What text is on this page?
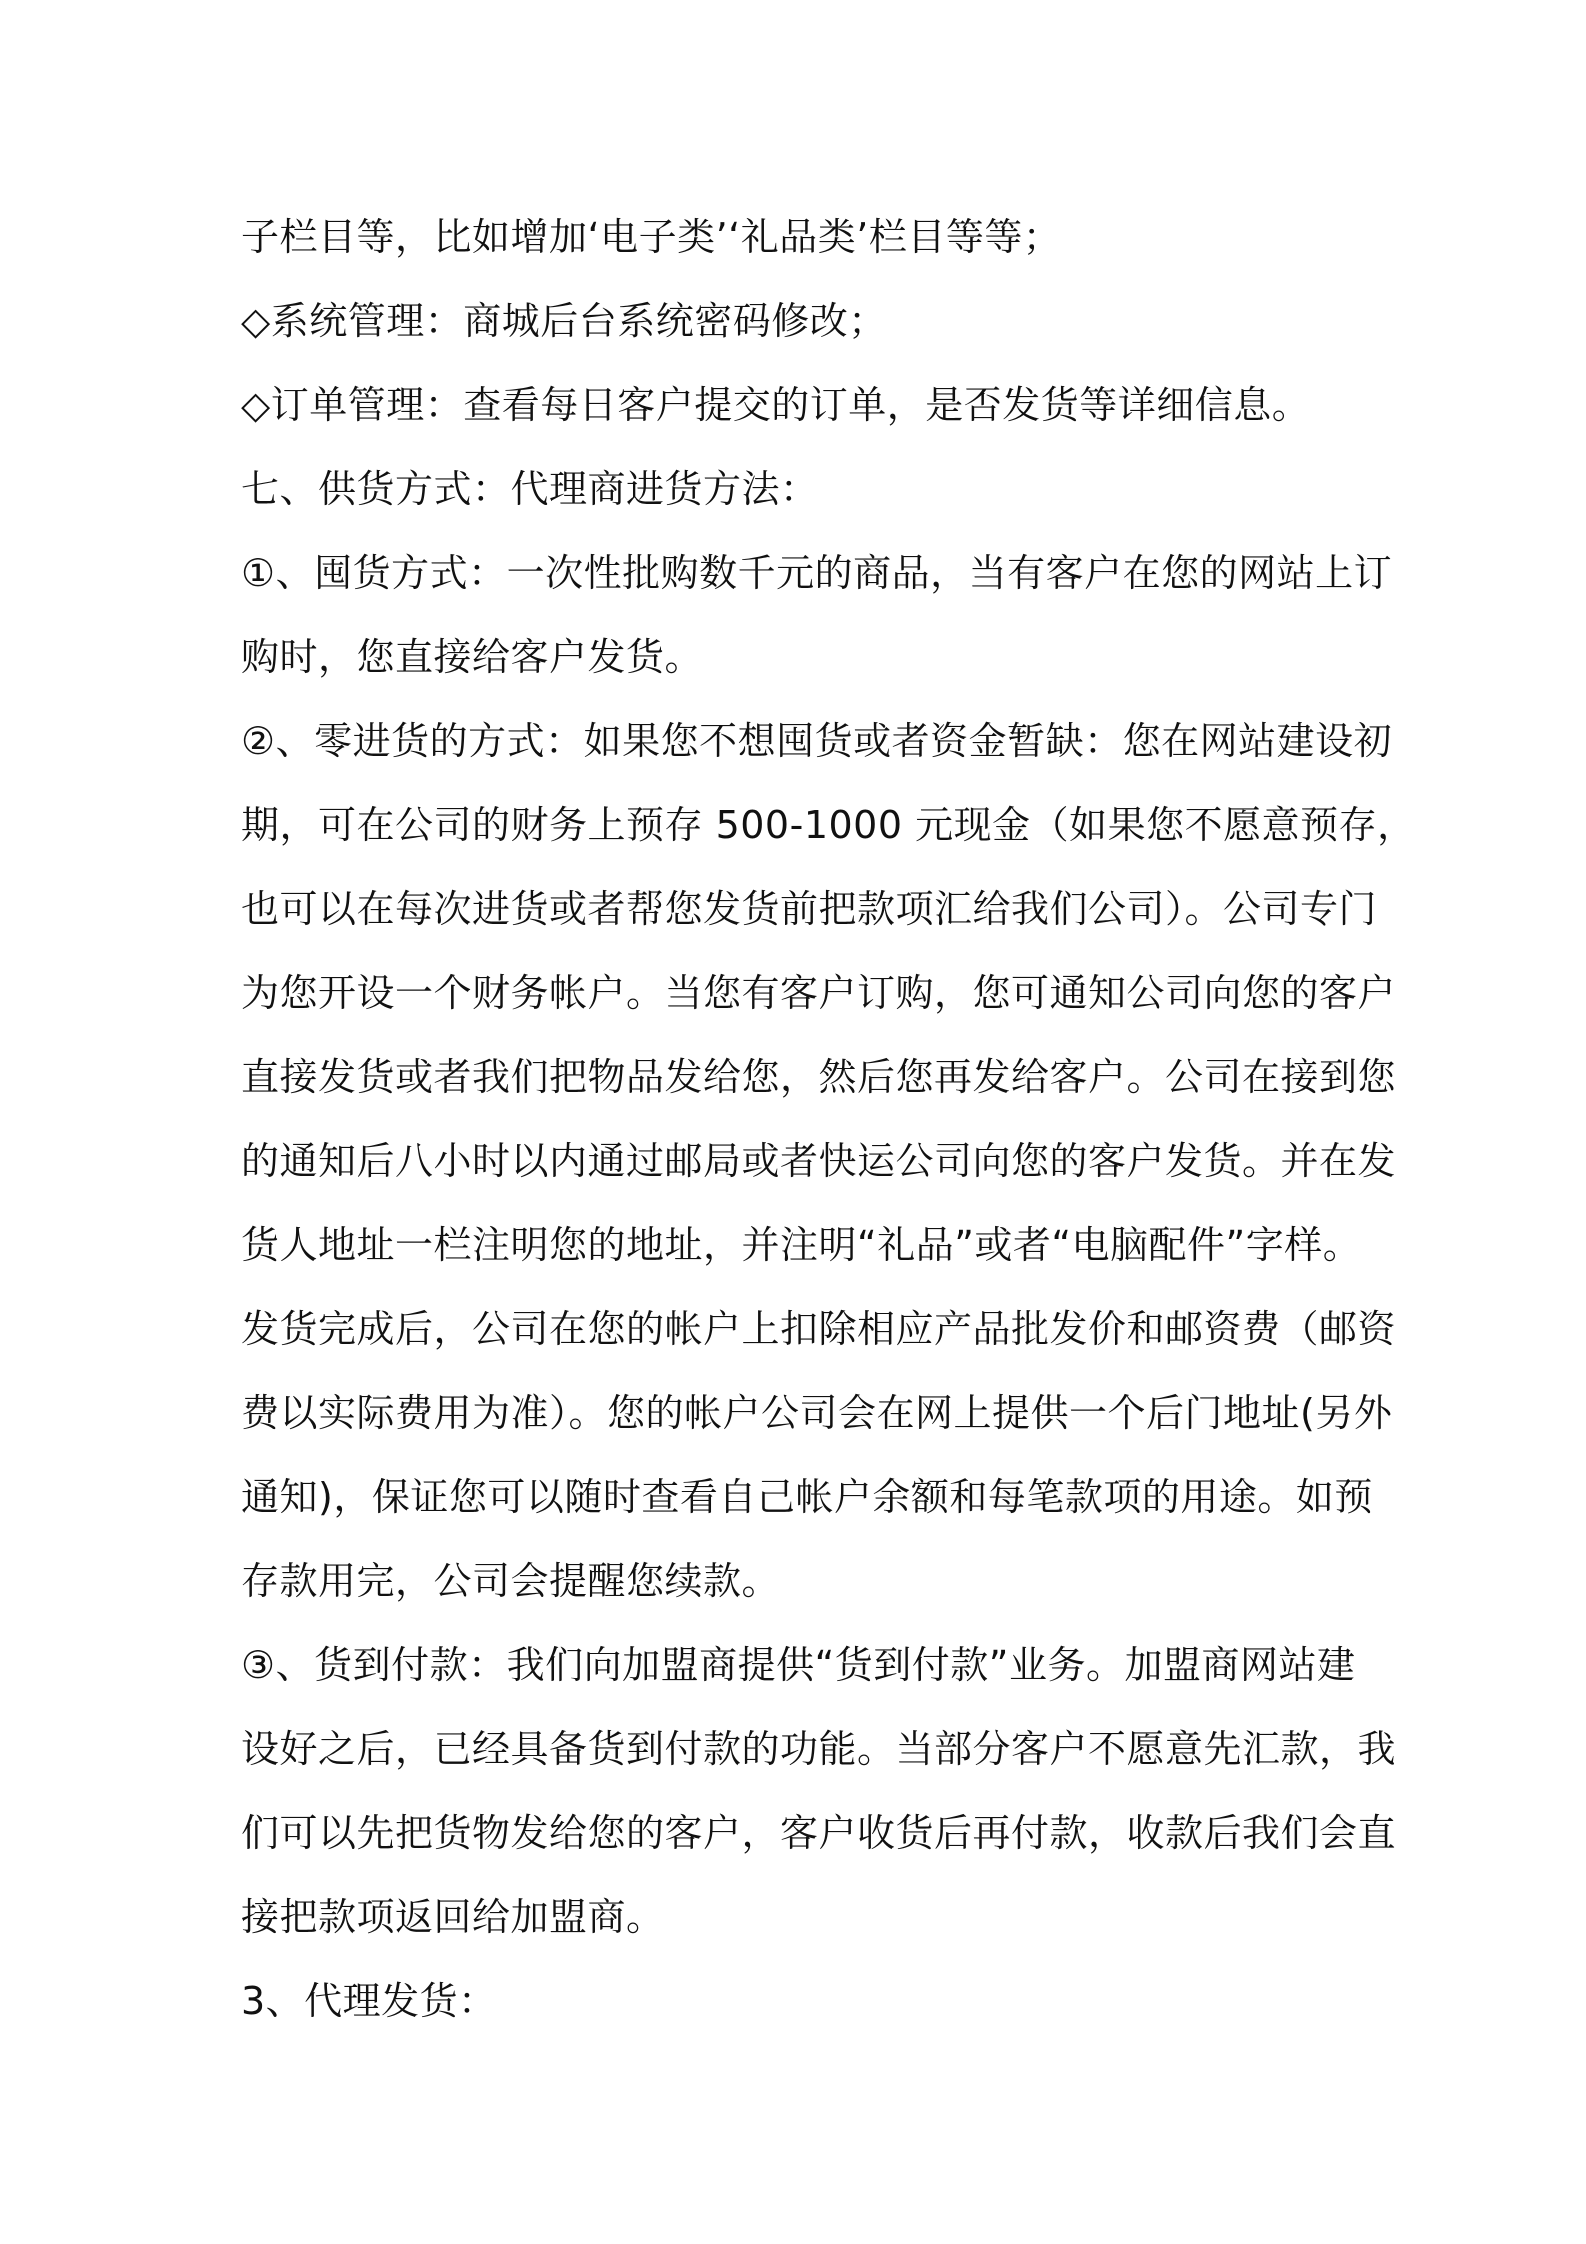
子栏目等，比如增加‘电子类’‘礼品类’栏目等等；
◇系统管理：商城后台系统密码修改；
◇订单管理：查看每日客户提交的订单，是否发货等详细信息。
七、供货方式：代理商进货方法：
①、囤货方式：一次性批购数千元的商品，当有客户在您的网站上订
购时，您直接给客户发货。
②、零进货的方式：如果您不想囤货或者资金暂缺：您在网站建设初
期，可在公司的财务上预存 500-1000 元现金（如果您不愿意预存，
也可以在每次进货或者帮您发货前把款项汇给我们公司）。公司专门
为您开设一个财务帐户。当您有客户订购，您可通知公司向您的客户
直接发货或者我们把物品发给您，然后您再发给客户。公司在接到您
的通知后八小时以内通过邮局或者快运公司向您的客户发货。并在发
货人地址一栏注明您的地址，并注明“礼品”或者“电脑配件”字样。
发货完成后，公司在您的帐户上扣除相应产品批发价和邮资费（邮资
费以实际费用为准）。您的帐户公司会在网上提供一个后门地址(另外
通知)，保证您可以随时查看自己帐户余额和每笔款项的用途。如预
存款用完，公司会提醒您续款。
③、货到付款：我们向加盟商提供“货到付款”业务。加盟商网站建
设好之后，已经具备货到付款的功能。当部分客户不愿意先汇款，我
们可以先把货物发给您的客户，客户收货后再付款，收款后我们会直
接把款项返回给加盟商。
3、代理发货：
